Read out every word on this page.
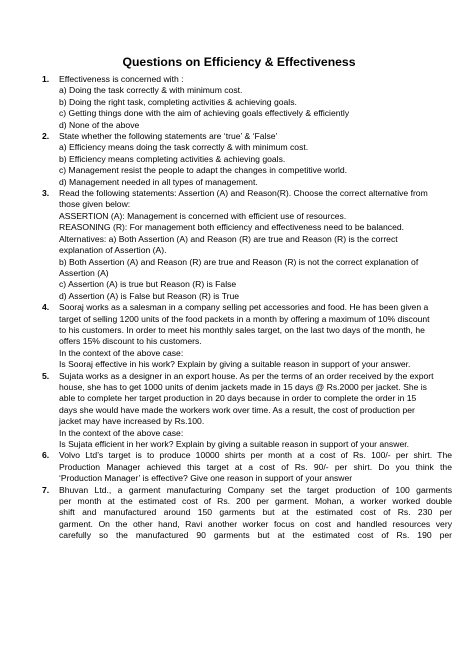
Questions on Efficiency & Effectiveness
1. Effectiveness is concerned with :
a) Doing the task correctly & with minimum cost.
b) Doing the right task, completing activities & achieving goals.
c) Getting things done with the aim of achieving goals effectively & efficiently
d) None of the above
2. State whether the following statements are ‘true’ & ‘False’
a) Efficiency means doing the task correctly & with minimum cost.
b) Efficiency means completing activities & achieving goals.
c) Management resist the people to adapt the changes in competitive world.
d) Management needed in all types of management.
3. Read the following statements: Assertion (A) and Reason(R). Choose the correct alternative from
those given below:
ASSERTION (A): Management is concerned with efficient use of resources.
REASONING (R): For management both efficiency and effectiveness need to be balanced.
Alternatives: a) Both Assertion (A) and Reason (R) are true and Reason (R) is the correct
explanation of Assertion (A).
b) Both Assertion (A) and Reason (R) are true and Reason (R) is not the correct explanation of
Assertion (A)
c) Assertion (A) is true but Reason (R) is False
d) Assertion (A) is False but Reason (R) is True
4. Sooraj works as a salesman in a company selling pet accessories and food. He has been given a
target of selling 1200 units of the food packets in a month by offering a maximum of 10% discount
to his customers. In order to meet his monthly sales target, on the last two days of the month, he
offers 15% discount to his customers.
In the context of the above case:
Is Sooraj effective in his work? Explain by giving a suitable reason in support of your answer.
5. Sujata works as a designer in an export house. As per the terms of an order received by the export
house, she has to get 1000 units of denim jackets made in 15 days @ Rs.2000 per jacket. She is
able to complete her target production in 20 days because in order to complete the order in 15
days she would have made the workers work over time. As a result, the cost of production per
jacket may have increased by Rs.100.
In the context of the above case:
Is Sujata efficient in her work? Explain by giving a suitable reason in support of your answer.
6. Volvo Ltd’s target is to produce 10000 shirts per month at a cost of Rs. 100/- per shirt. The
Production Manager achieved this target at a cost of Rs. 90/- per shirt. Do you think the
‘Production Manager’ is effective? Give one reason in support of your answer
7. Bhuvan Ltd., a garment manufacturing Company set the target production of 100 garments
per month at the estimated cost of Rs. 200 per garment. Mohan, a worker worked double
shift and manufactured around 150 garments but at the estimated cost of Rs. 230 per
garment. On the other hand, Ravi another worker focus on cost and handled resources very
carefully so the manufactured 90 garments but at the estimated cost of Rs. 190 per
